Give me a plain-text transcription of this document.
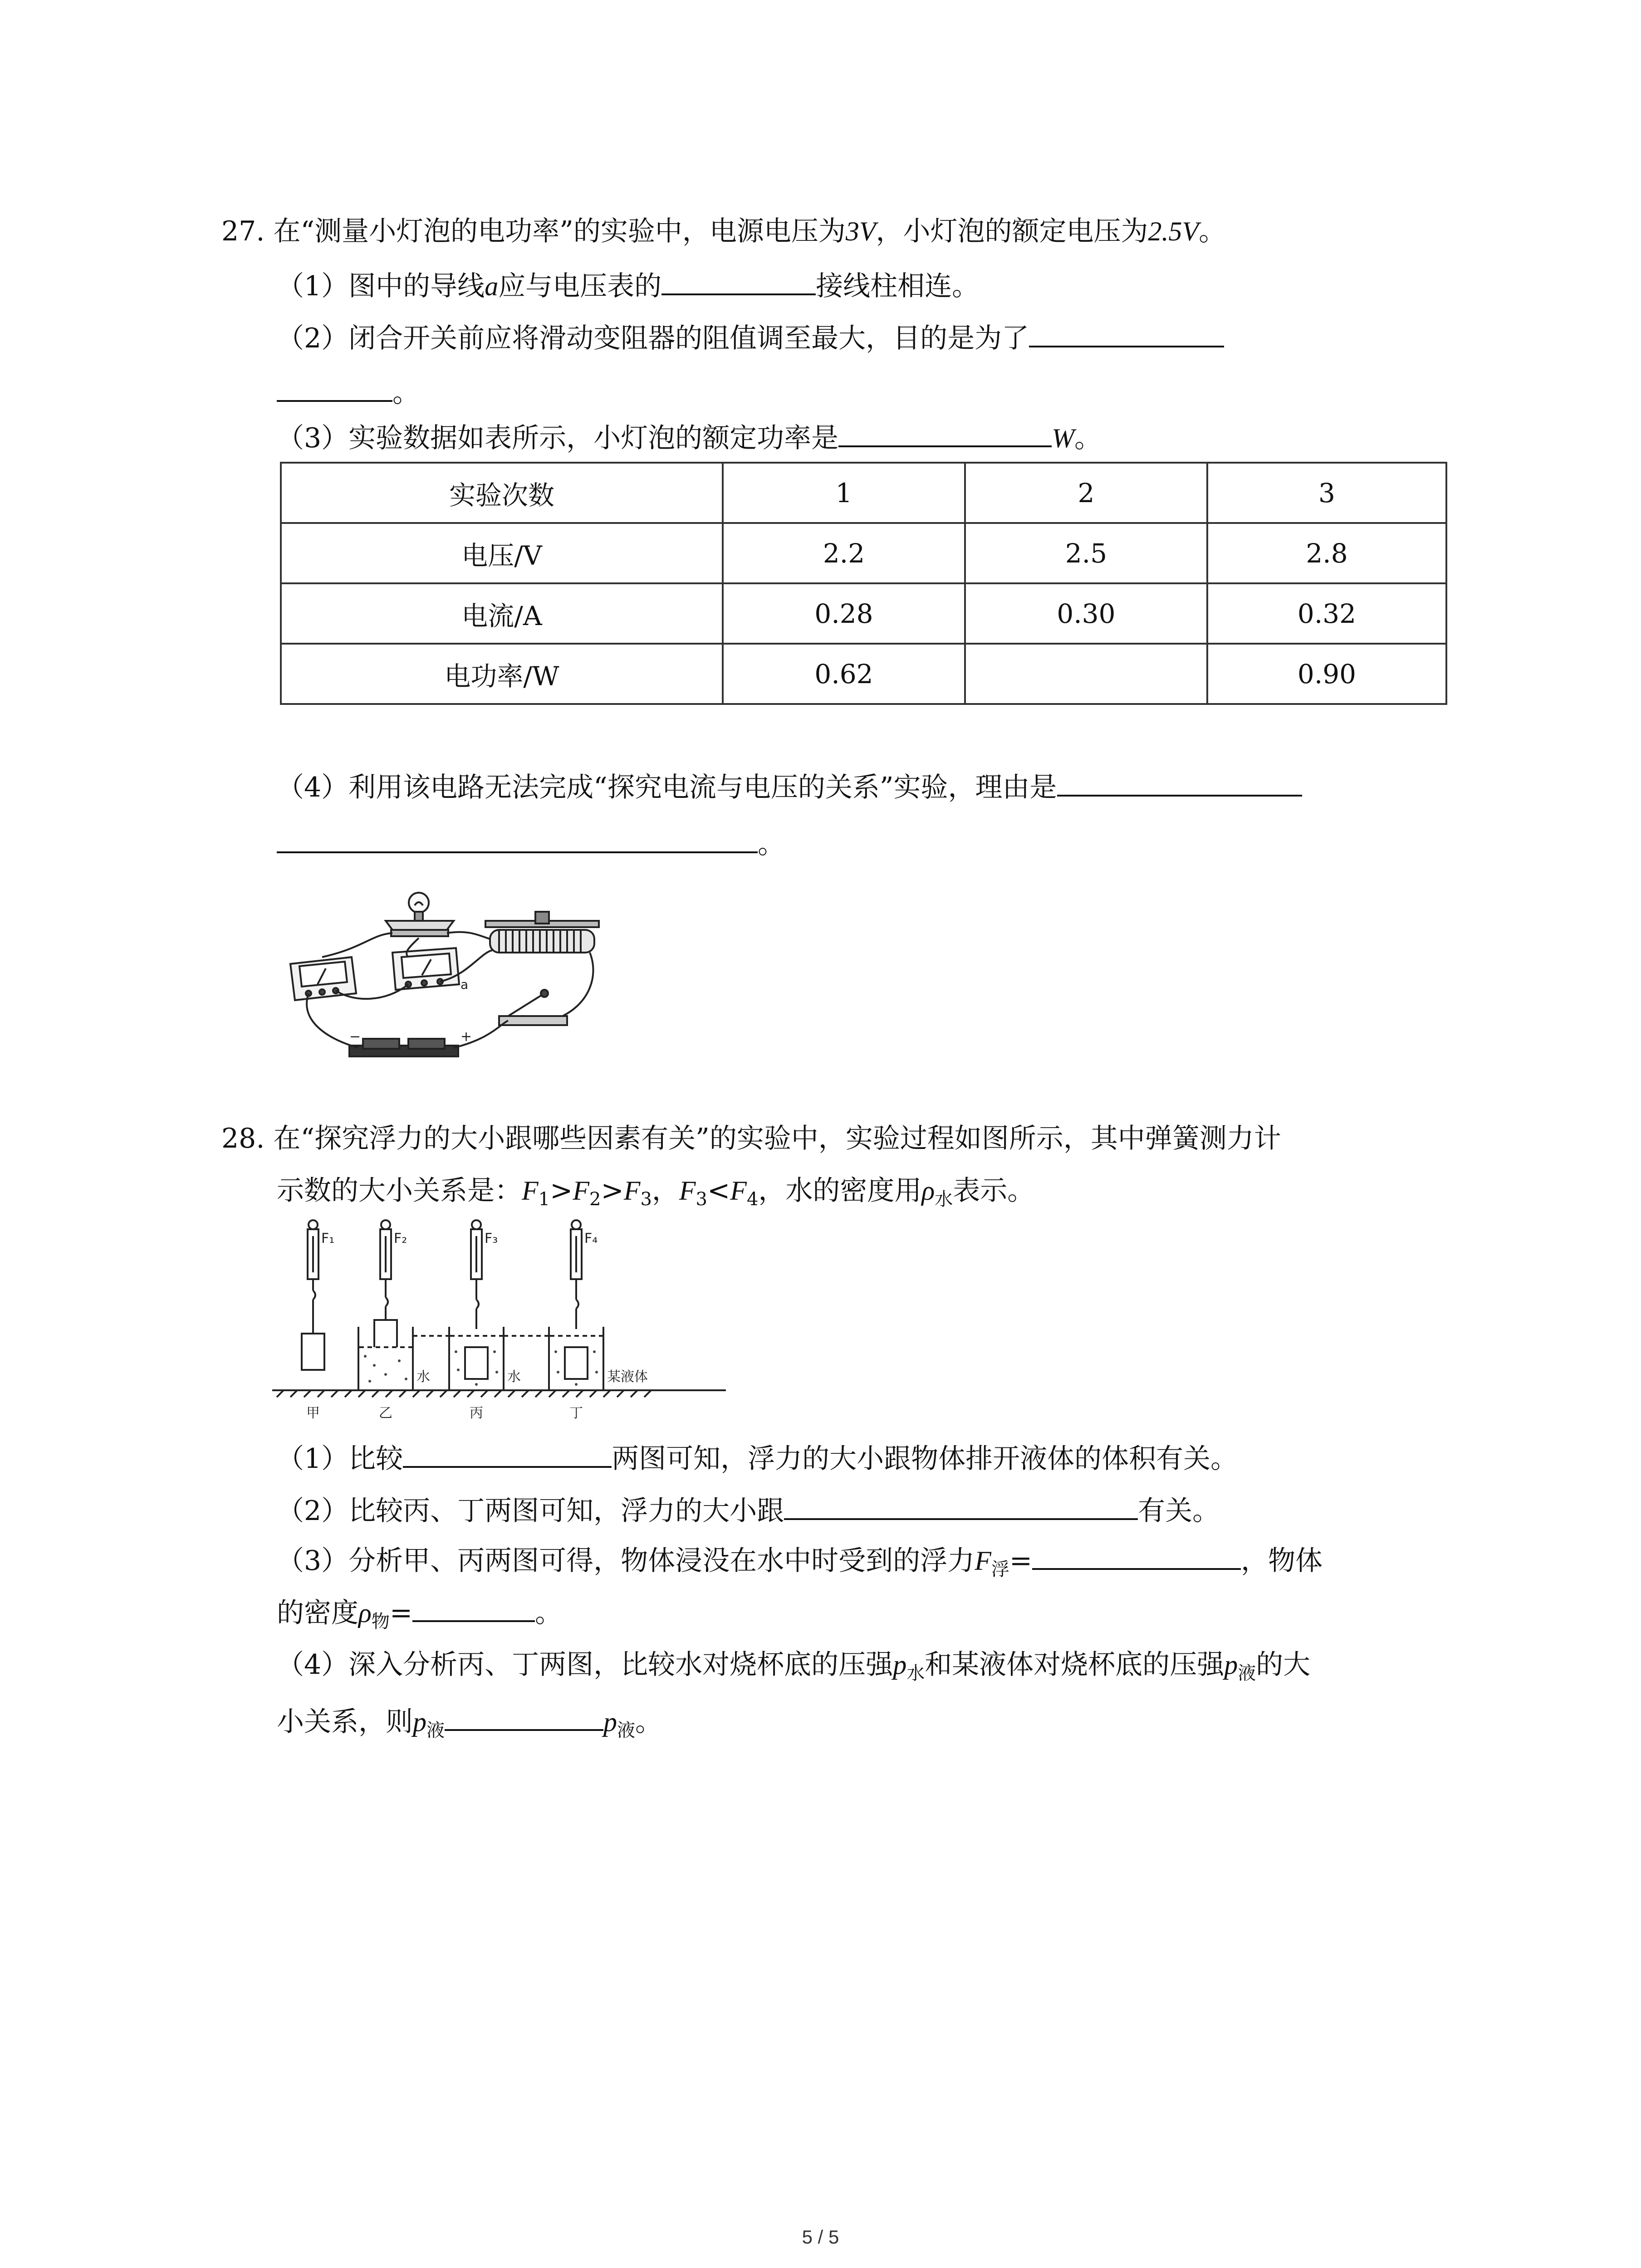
27. 在“测量小灯泡的电功率”的实验中，电源电压为3V，小灯泡的额定电压为2.5V。
（1）图中的导线a应与电压表的	接线柱相连。
（2）闭合开关前应将滑动变阻器的阻值调至最大，目的是为了
。
（3）实验数据如表所示，小灯泡的额定功率是	W。
实验次数	1	2	3
电压/V	2.2	2.5	2.8
电流/A	0.28	0.30	0.32
电功率/W	0.62		0.90
（4）利用该电路无法完成“探究电流与电压的关系”实验，理由是
。
a
−	+
28. 在“探究浮力的大小跟哪些因素有关”的实验中，实验过程如图所示，其中弹簧测力计
示数的大小关系是：$F_1>F_2>F_3$，$F_3<F_4$，水的密度用$\rho_水$表示。
F₁	F₂	F₃	F₄
水	水	某液体
甲	乙	丙	丁
（1）比较	两图可知，浮力的大小跟物体排开液体的体积有关。
（2）比较丙、丁两图可知，浮力的大小跟	有关。
（3）分析甲、丙两图可得，物体浸没在水中时受到的浮力$F_浮=$	，物体
的密度$\rho_物=$	。
（4）深入分析丙、丁两图，比较水对烧杯底的压强$p_水$和某液体对烧杯底的压强$p_液$的大
小关系，则$p_液$	$p_液$。
5 / 5
